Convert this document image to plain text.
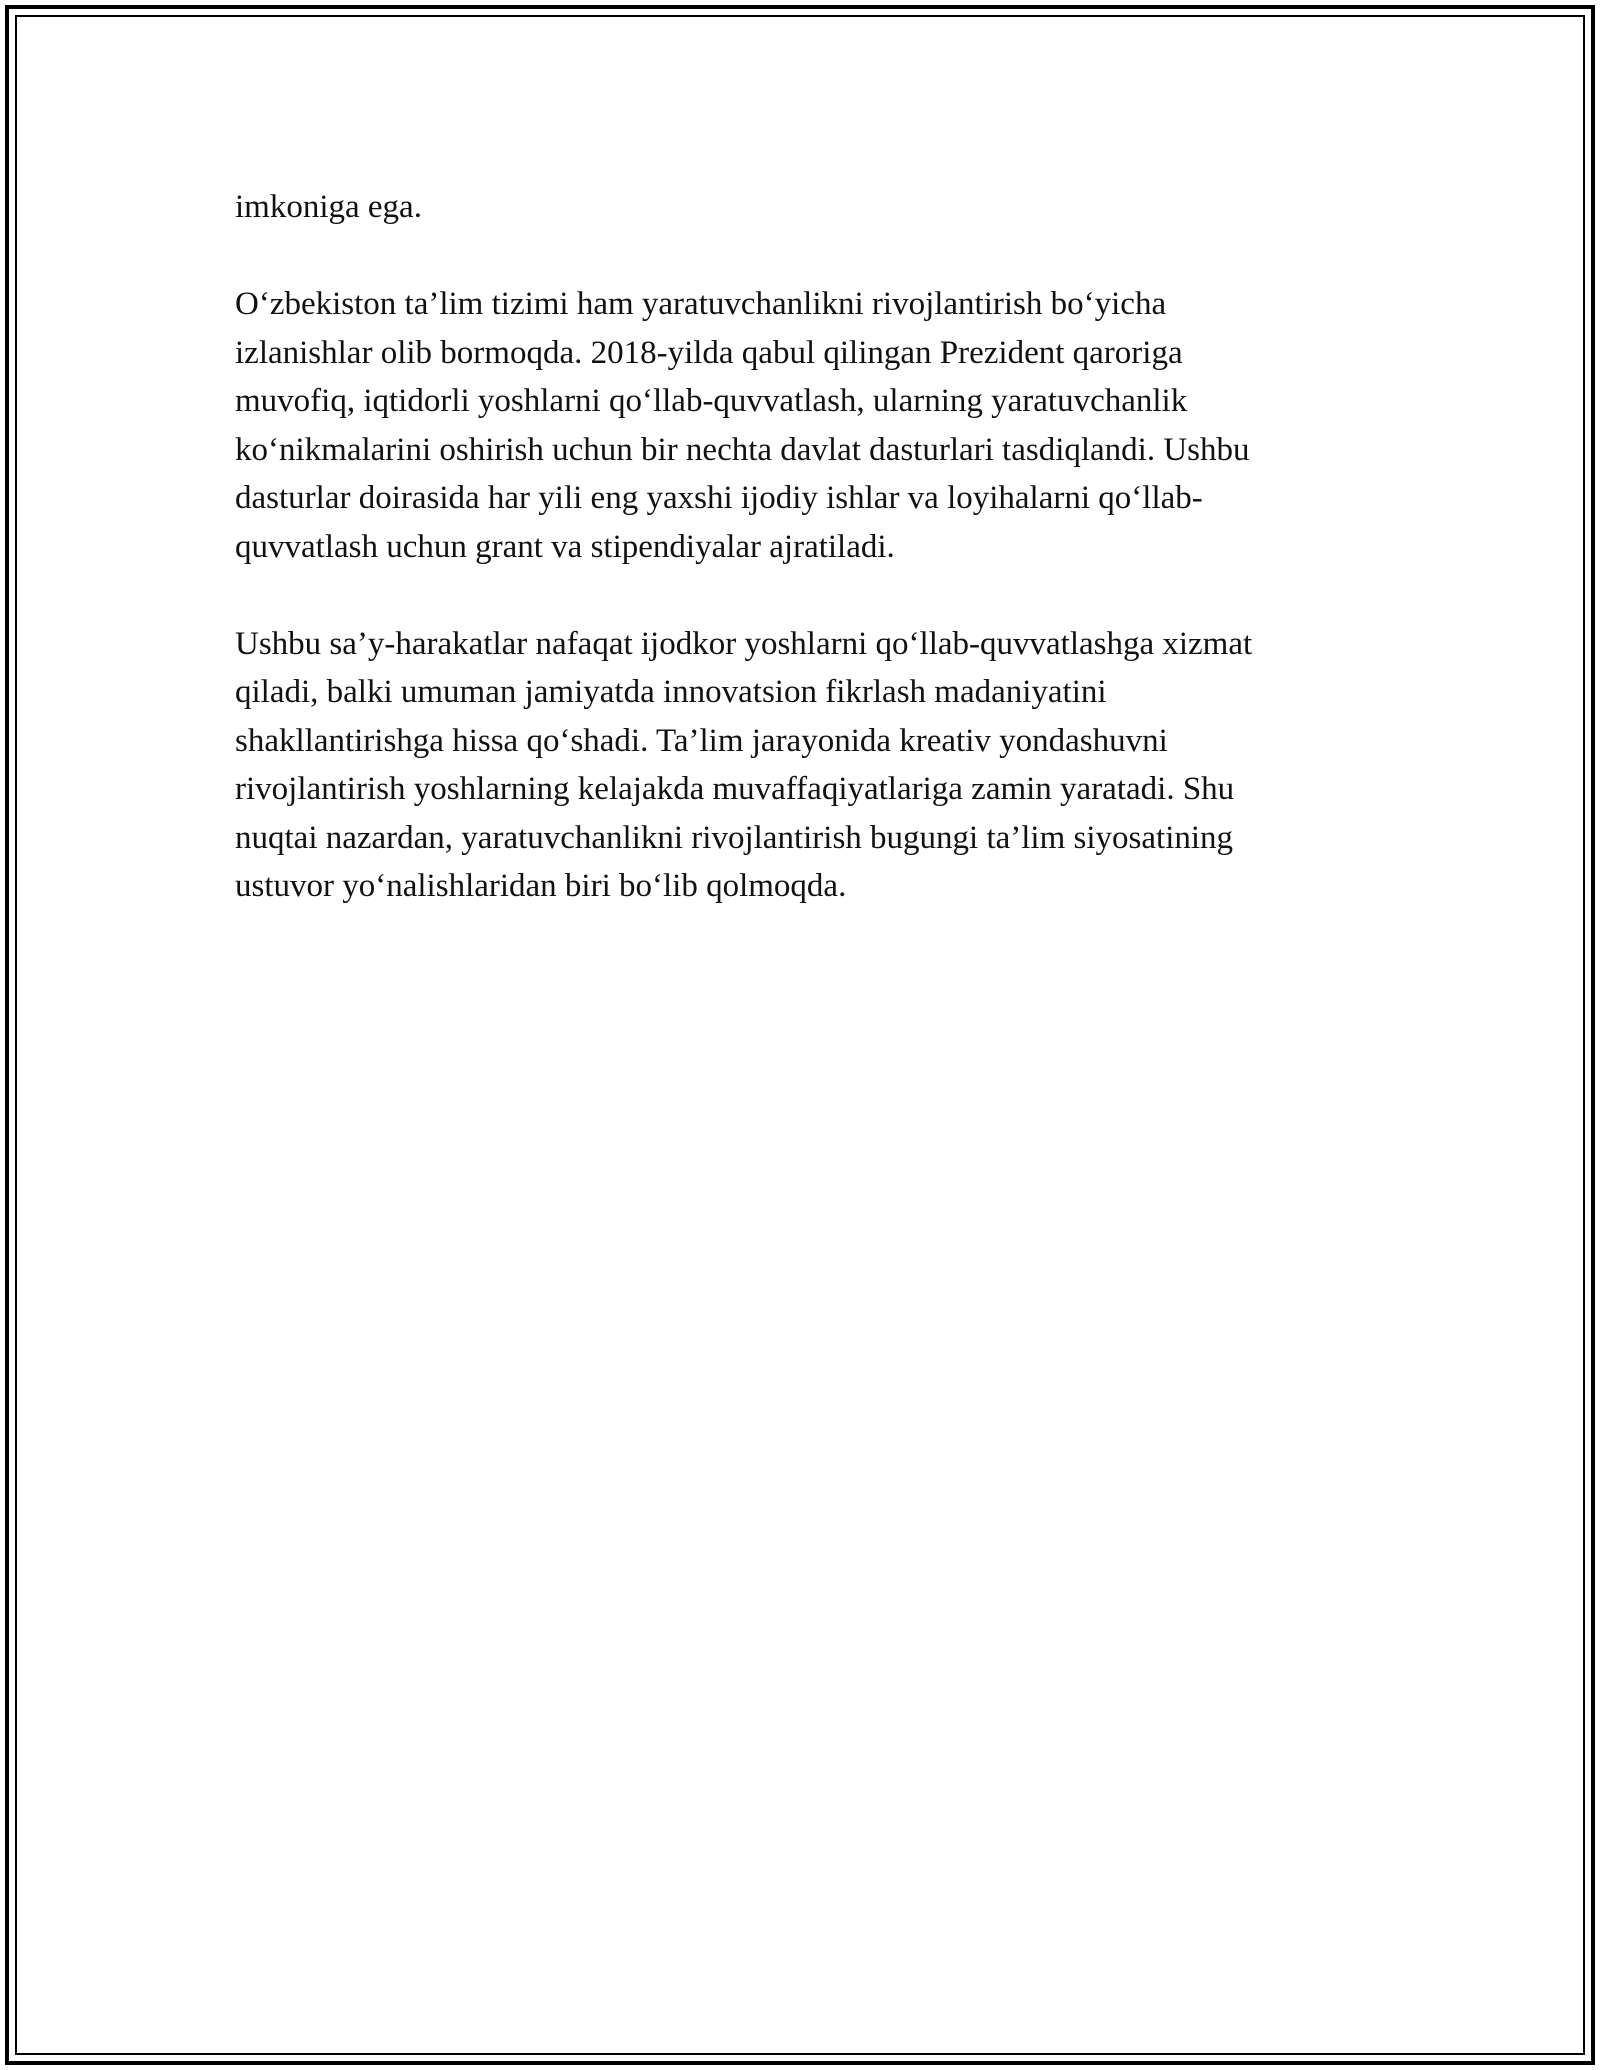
imkoniga ega.

O‘zbekiston ta’lim tizimi ham yaratuvchanlikni rivojlantirish bo‘yicha
izlanishlar olib bormoqda. 2018-yilda qabul qilingan Prezident qaroriga
muvofiq, iqtidorli yoshlarni qo‘llab-quvvatlash, ularning yaratuvchanlik
ko‘nikmalarini oshirish uchun bir nechta davlat dasturlari tasdiqlandi. Ushbu
dasturlar doirasida har yili eng yaxshi ijodiy ishlar va loyihalarni qo‘llab-
quvvatlash uchun grant va stipendiyalar ajratiladi.

Ushbu sa’y-harakatlar nafaqat ijodkor yoshlarni qo‘llab-quvvatlashga xizmat
qiladi, balki umuman jamiyatda innovatsion fikrlash madaniyatini
shakllantirishga hissa qo‘shadi. Ta’lim jarayonida kreativ yondashuvni
rivojlantirish yoshlarning kelajakda muvaffaqiyatlariga zamin yaratadi. Shu
nuqtai nazardan, yaratuvchanlikni rivojlantirish bugungi ta’lim siyosatining
ustuvor yo‘nalishlaridan biri bo‘lib qolmoqda.
